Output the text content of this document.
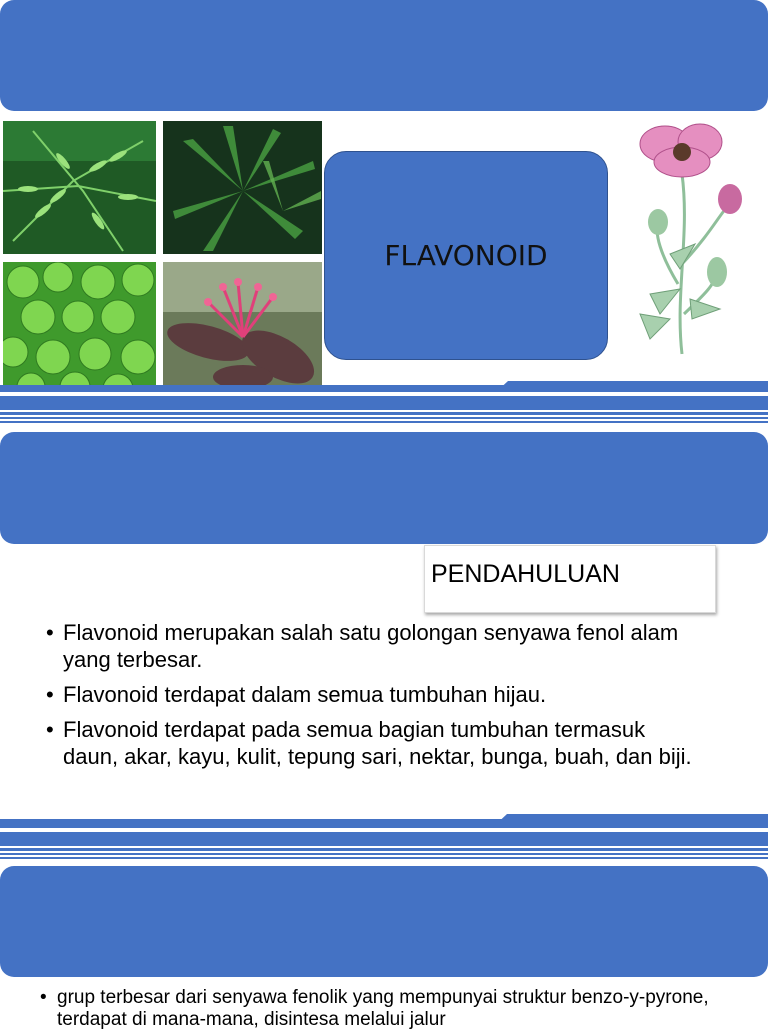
FLAVONOID
PENDAHULUAN
• Flavonoid merupakan salah satu golongan senyawa fenol alam yang terbesar.
• Flavonoid terdapat dalam semua tumbuhan hijau.
• Flavonoid terdapat pada semua bagian tumbuhan termasuk daun, akar, kayu, kulit, tepung sari, nektar, bunga, buah, dan biji.
• grup terbesar dari senyawa fenolik yang mempunyai struktur benzo-y-pyrone, terdapat di mana-mana, disintesa melalui jalur
